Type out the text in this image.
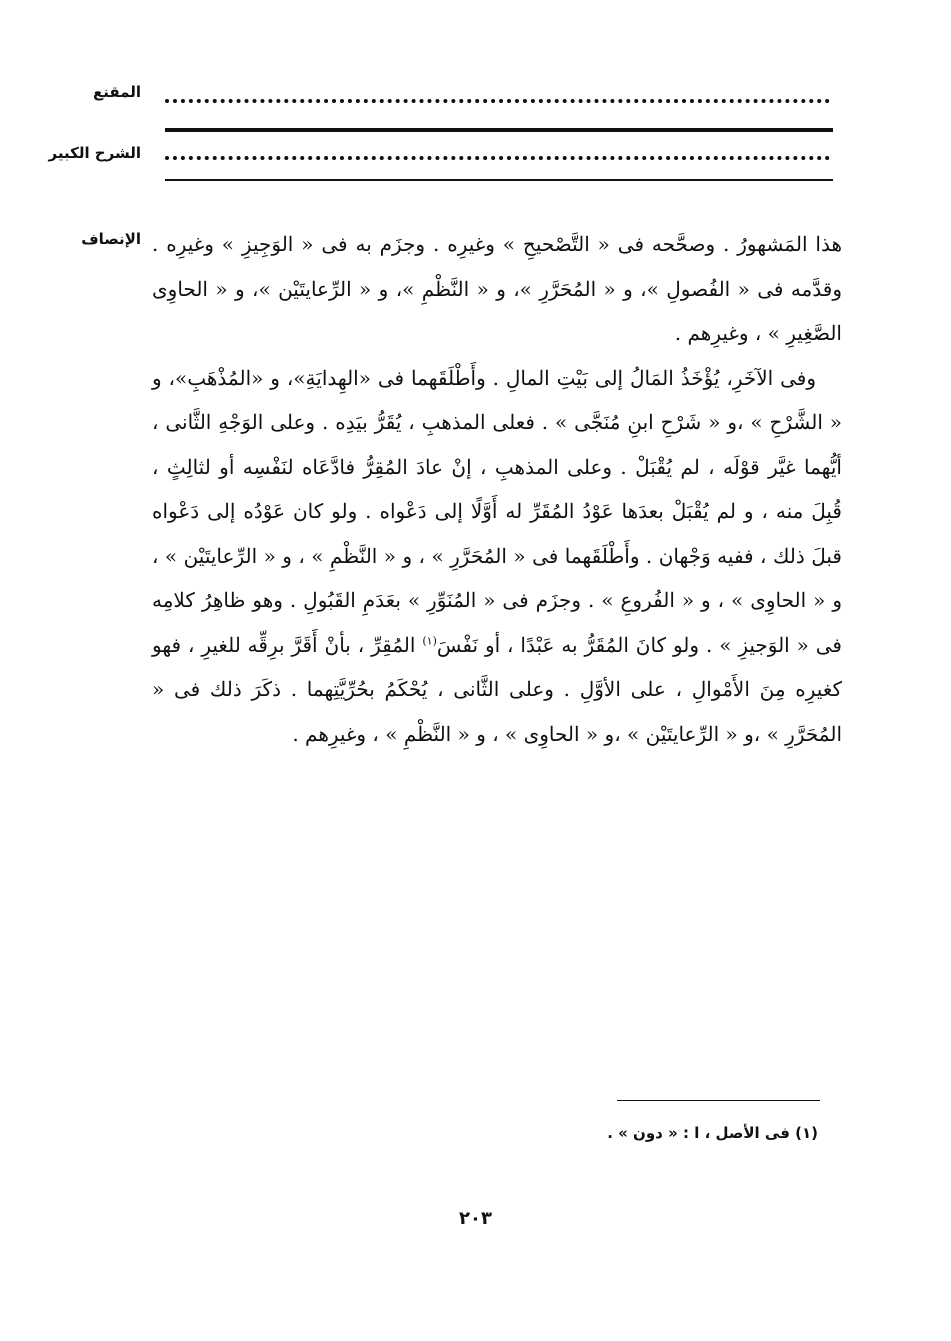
المقنع
الشرح الكبير
الإنصاف هذا المَشهورُ . وصحَّحه فى « التَّصْحيحِ » وغيرِه . وجزَم به فى « الوَجِيزِ » وغيرِه . وقدَّمه فى « الفُصولِ »، و « المُحَرَّرِ »، و « النَّظْمِ »، و « الرِّعايتَيْن »، و « الحاوِى الصَّغِيرِ » ، وغيرِهم .

وفى الآخَرِ، يُؤْخَذُ المَالُ إلى بَيْتِ المالِ . وأَطْلَقَهما فى «الهِدايَةِ»، و «المُذْهَبِ»، و « الشَّرْحِ » ،و « شَرْحِ ابنِ مُنَجَّى » . فعلى المذهبِ ، يُقَرُّ بيَدِه . وعلى الوَجْهِ الثَّانى ، أيُّهما غيَّر قوْلَه ، لم يُقْبَلْ . وعلى المذهبِ ، إنْ عادَ المُقِرُّ فادَّعَاه لنَفْسِه أو لثالِثٍ ، قُبِلَ منه ، و لم يُقْبَلْ بعدَها عَوْدُ المُقَرِّ له أَوَّلًا إلى دَعْواه . ولو كان عَوْدُه إلى دَعْواه قبلَ ذلك ، ففيه وَجْهان . وأَطْلَقَهما فى « المُحَرَّرِ » ، و « النَّظْمِ » ، و « الرِّعايتَيْن » ، و « الحاوِى » ، و « الفُروعِ » . وجزَم فى « المُنَوِّرِ » بعَدَمِ القَبُولِ . وهو ظاهِرُ كلامِه فى « الوَجيزِ » . ولو كانَ المُقَرُّ به عَبْدًا ، أو نَفْسَ$^{(١)}$ المُقِرِّ ، بأنْ أَقَرَّ برِقِّه للغيرِ ، فهو كغيرِه مِنَ الأَمْوالِ ، على الأوَّلِ . وعلى الثَّانى ، يُحْكَمُ بحُرِّيَّتِهما . ذكَرَ ذلك فى « المُحَرَّرِ » ،و « الرِّعايتَيْن » ،و « الحاوِى » ، و « النَّظْمِ » ، وغيرِهم .

(١) فى الأصل ، ا : « دون » .
٢٠٣
